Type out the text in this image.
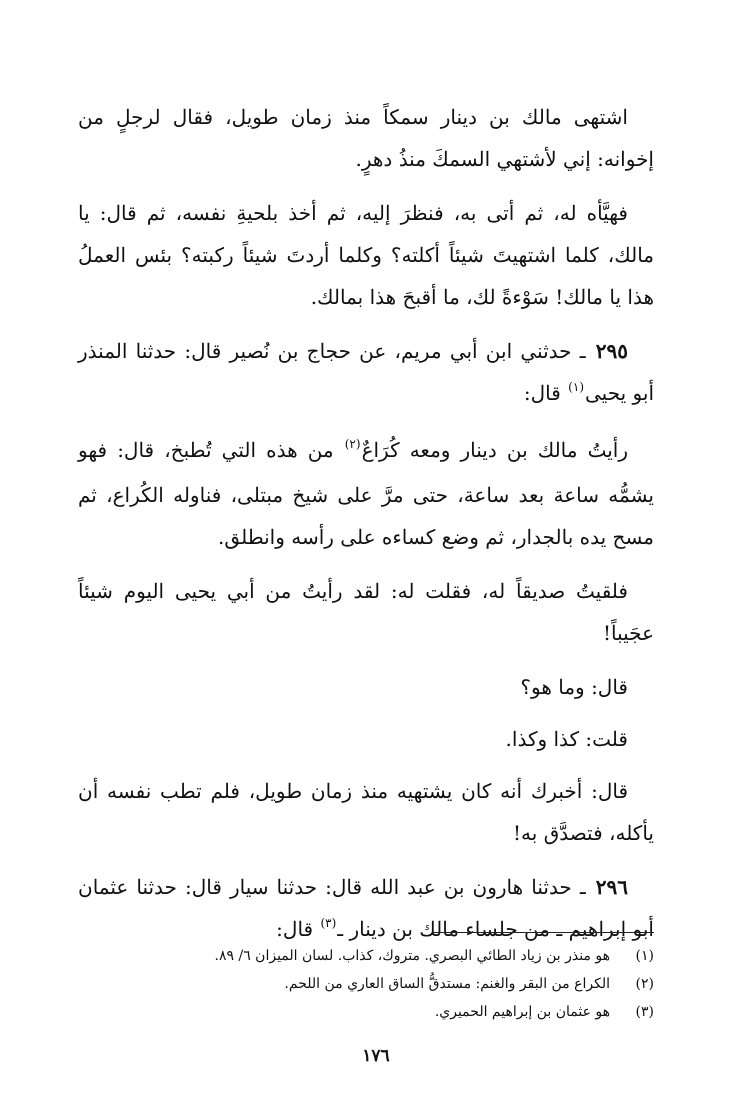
اشتهى مالك بن دينار سمكاً منذ زمان طويل، فقال لرجلٍ من إخوانه: إني لأشتهي السمكَ منذُ دهرٍ.

فهيَّأه له، ثم أتى به، فنظرَ إليه، ثم أخذ بلحيةِ نفسه، ثم قال: يا مالك، كلما اشتهيتَ شيئاً أكلته؟ وكلما أردتَ شيئاً ركبته؟ بئس العملُ هذا يا مالك! سَوْءةً لك، ما أقبحَ هذا بمالك.

٢٩٥ ـ حدثني ابن أبي مريم، عن حجاج بن نُصير قال: حدثنا المنذر أبو يحيى$^{(١)}$ قال:

رأيتُ مالك بن دينار ومعه كُرَاعٌ$^{(٢)}$ من هذه التي تُطبخ، قال: فهو يشمُّه ساعة بعد ساعة، حتى مرَّ على شيخ مبتلى، فناوله الكُراع، ثم مسح يده بالجدار، ثم وضع كساءه على رأسه وانطلق.

فلقيتُ صديقاً له، فقلت له: لقد رأيتُ من أبي يحيى اليوم شيئاً عجَيباً!

قال: وما هو؟

قلت: كذا وكذا.

قال: أخبرك أنه كان يشتهيه منذ زمان طويل، فلم تطب نفسه أن يأكله، فتصدَّق به!

٢٩٦ ـ حدثنا هارون بن عبد الله قال: حدثنا سيار قال: حدثنا عثمان أبو إبراهيم ـ من جلساء مالك بن دينار ـ$^{(٣)}$ قال:

(١)
هو منذر بن زياد الطائي البصري. متروك، كذاب. لسان الميزان ٦/ ٨٩.
(٢)
الكراع من البقر والغنم: مستدقُّ الساق العاري من اللحم.
(٣)
هو عثمان بن إبراهيم الحميري.
١٧٦
